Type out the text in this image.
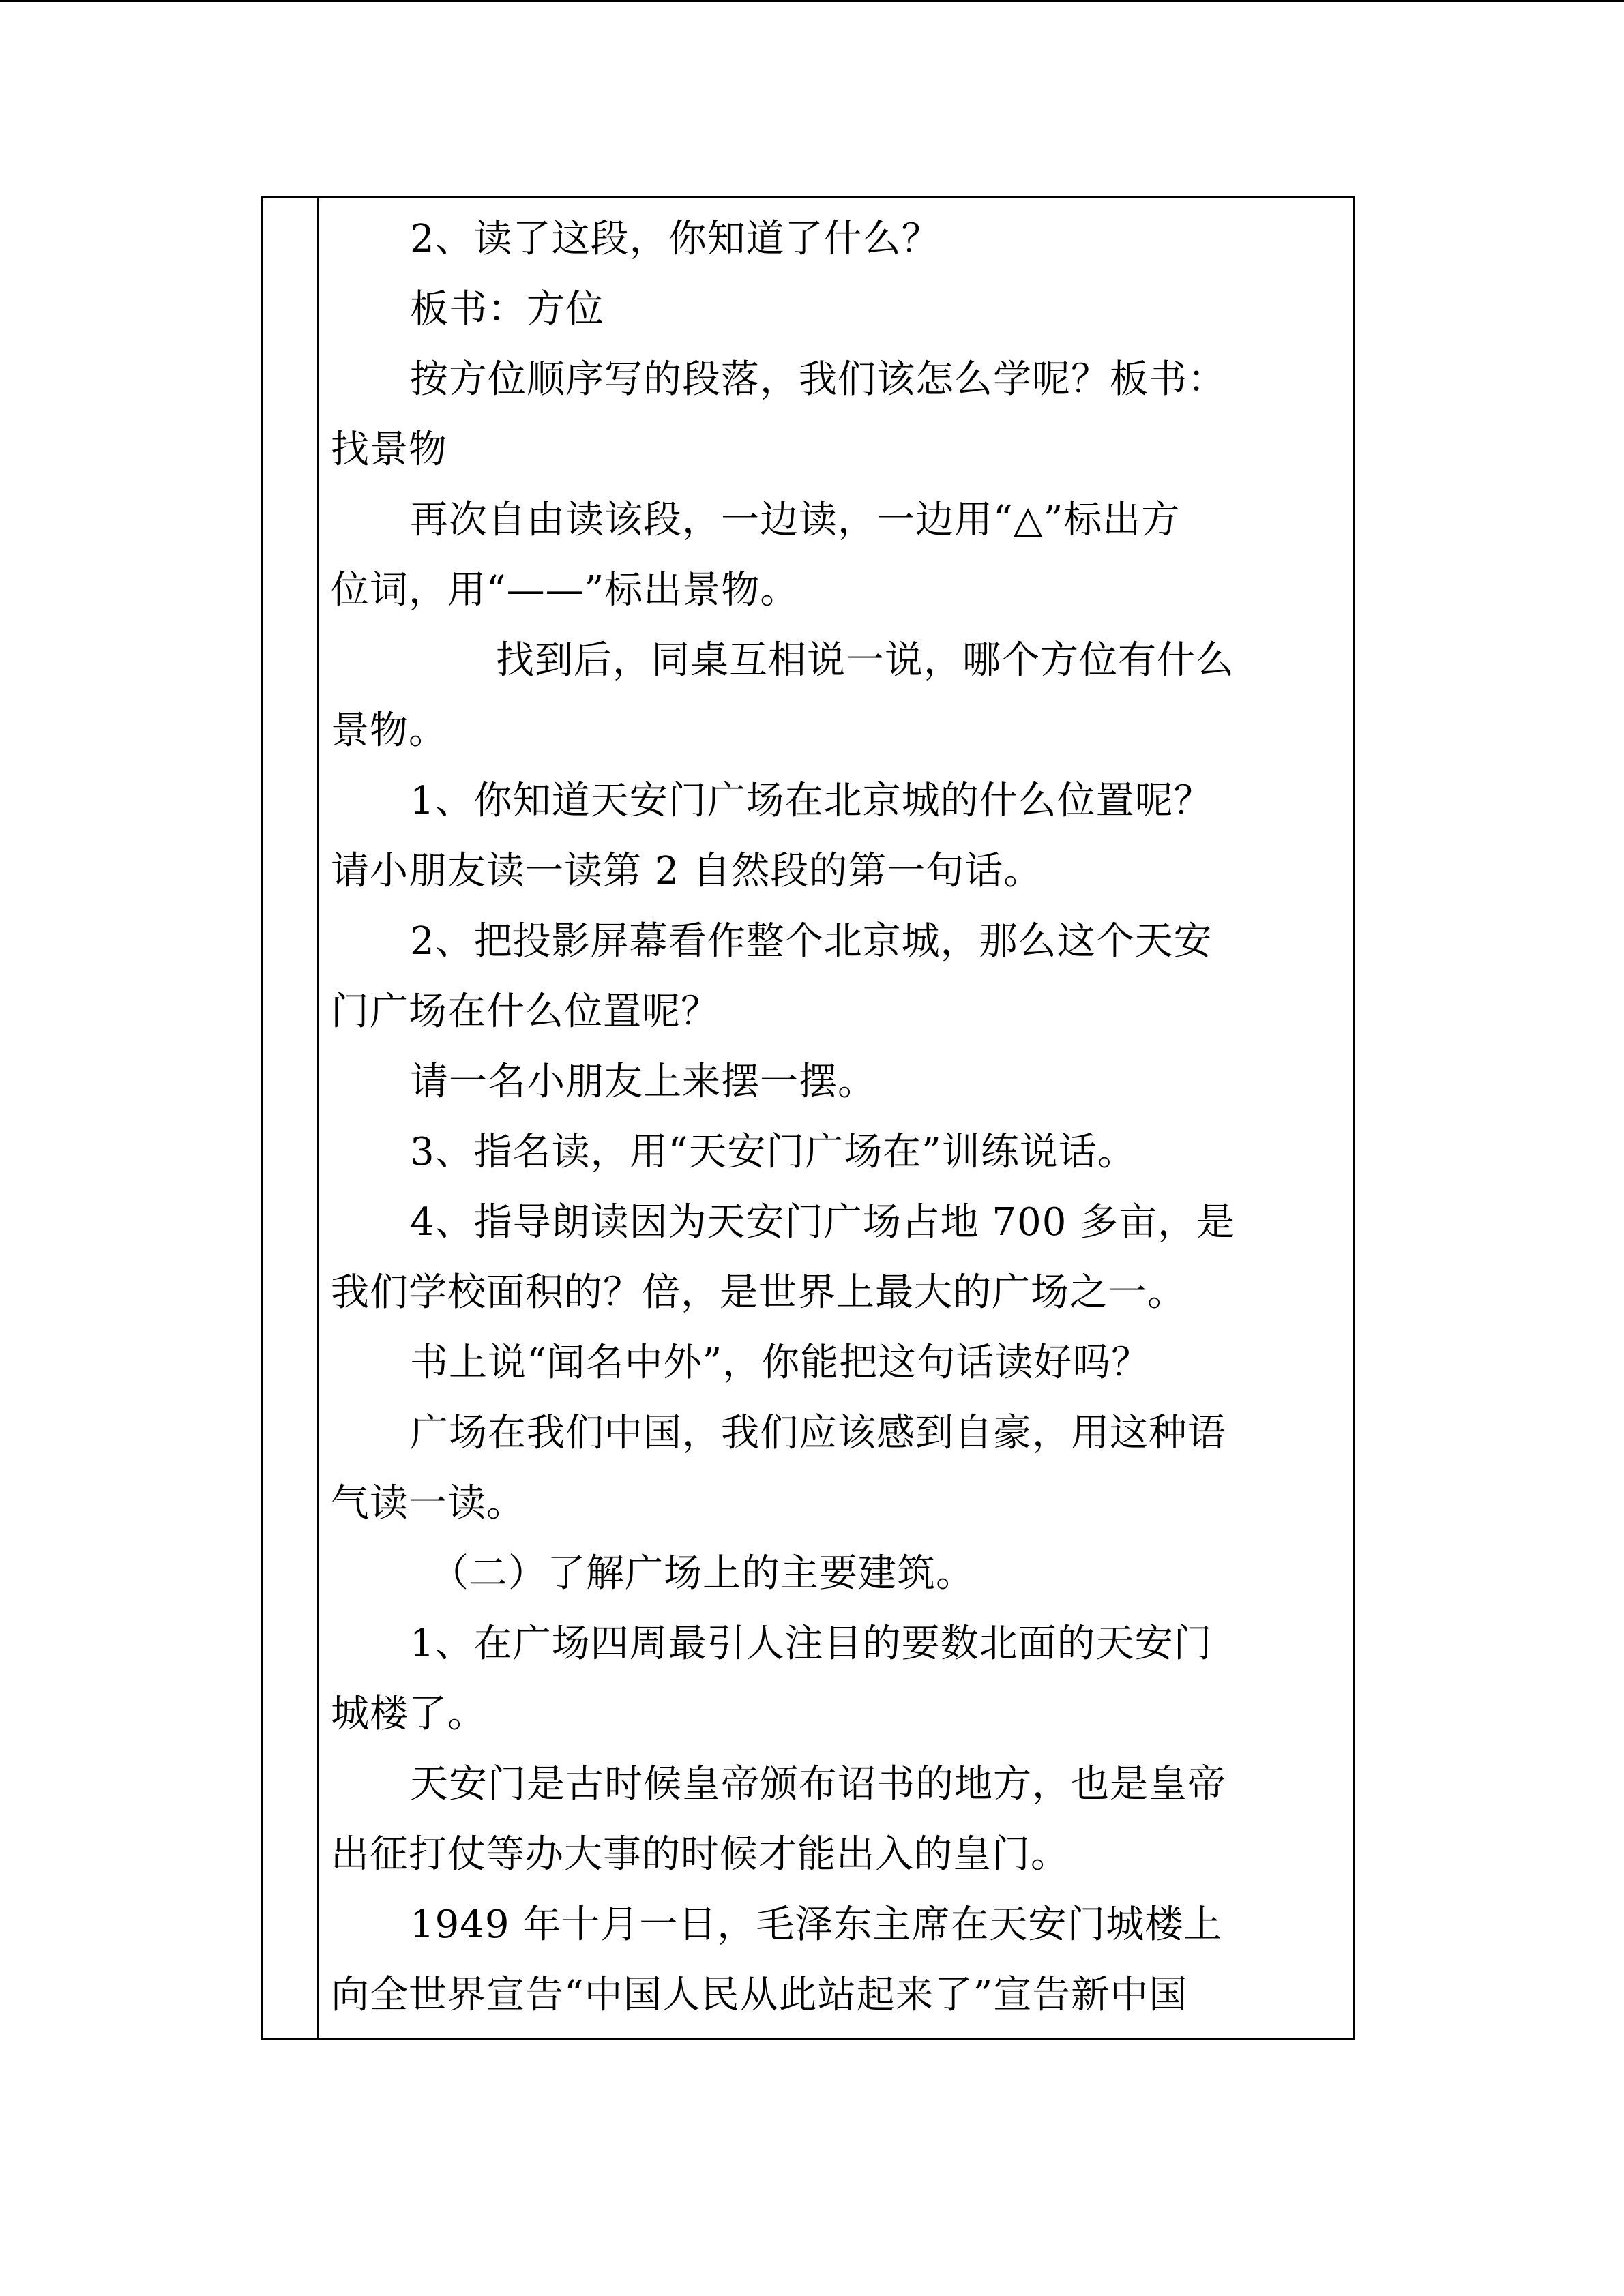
2、读了这段，你知道了什么？
板书：方位
按方位顺序写的段落，我们该怎么学呢？板书：
找景物
再次自由读该段，一边读，一边用“△”标出方
位词，用“——”标出景物。
找到后，同桌互相说一说，哪个方位有什么
景物。
1、你知道天安门广场在北京城的什么位置呢？
请小朋友读一读第 2 自然段的第一句话。
2、把投影屏幕看作整个北京城，那么这个天安
门广场在什么位置呢？
请一名小朋友上来摆一摆。
3、指名读，用“天安门广场在”训练说话。
4、指导朗读因为天安门广场占地 700 多亩，是
我们学校面积的？倍，是世界上最大的广场之一。
书上说“闻名中外”，你能把这句话读好吗？
广场在我们中国，我们应该感到自豪，用这种语
气读一读。
（二）了解广场上的主要建筑。
1、在广场四周最引人注目的要数北面的天安门
城楼了。
天安门是古时候皇帝颁布诏书的地方，也是皇帝
出征打仗等办大事的时候才能出入的皇门。
1949 年十月一日，毛泽东主席在天安门城楼上
向全世界宣告“中国人民从此站起来了”宣告新中国
